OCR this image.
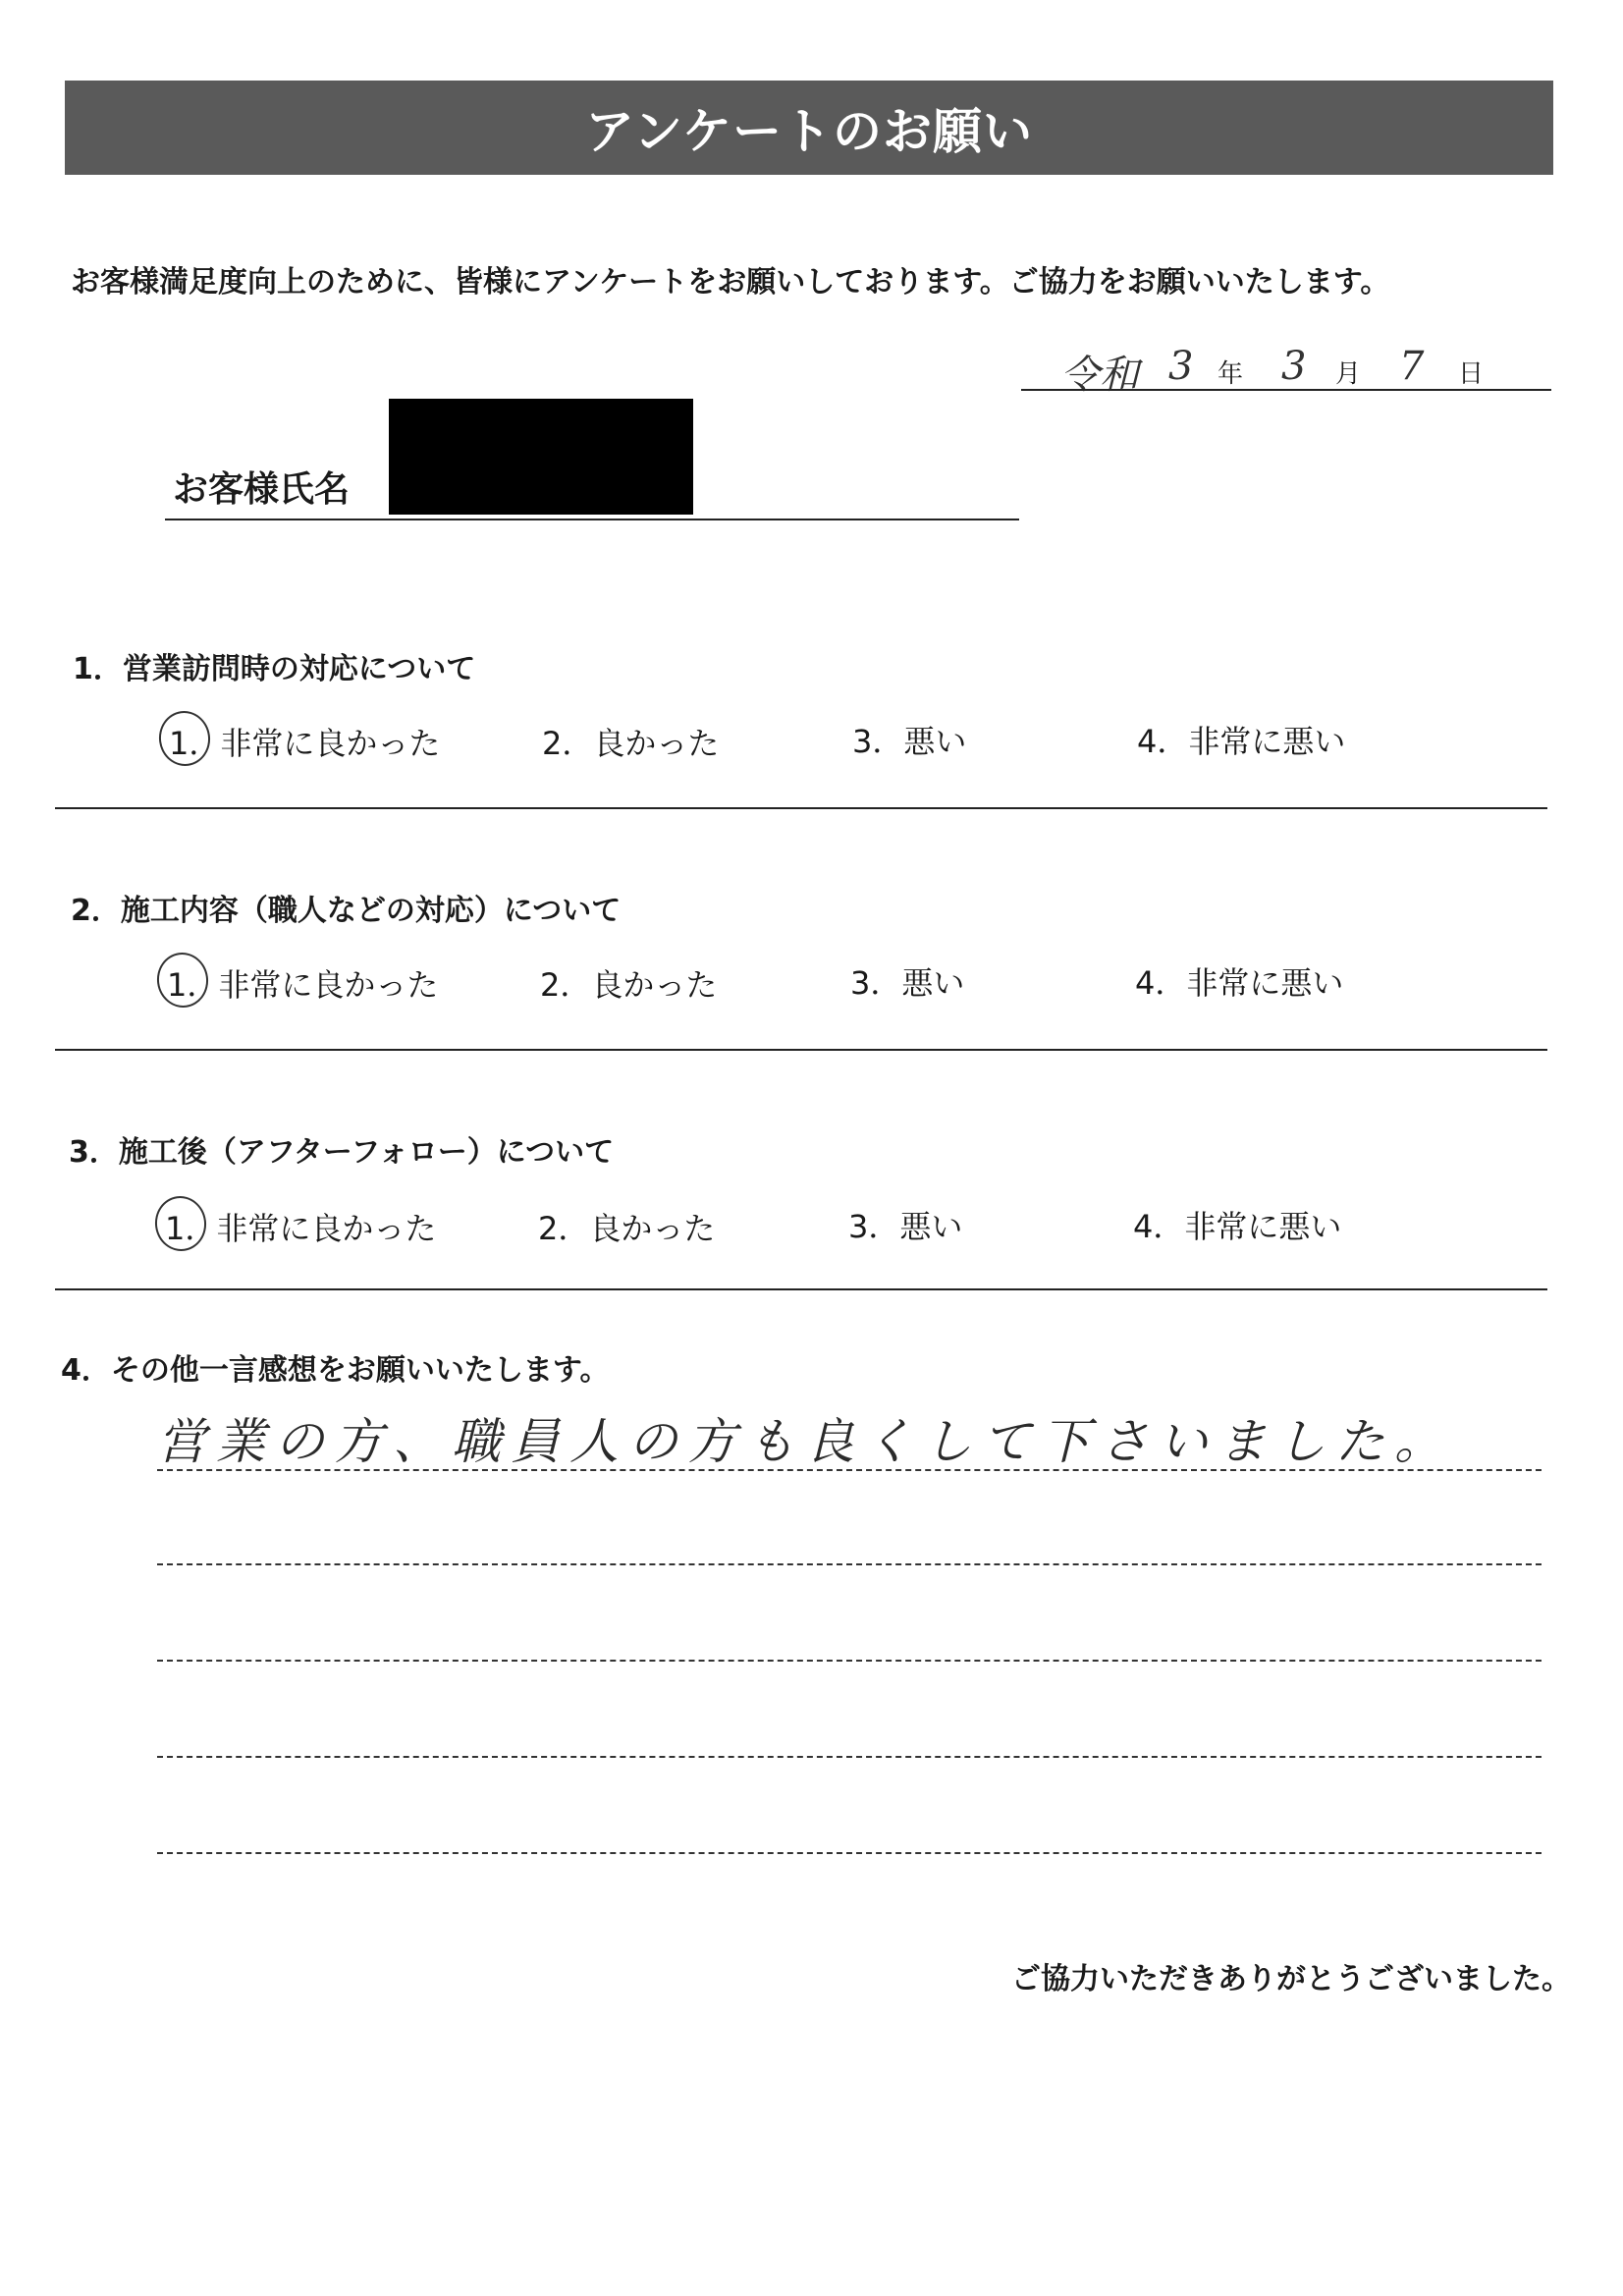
アンケートのお願い
お客様満足度向上のために、皆様にアンケートをお願いしております。ご協力をお願いいたします。
令和 3 年 3 月 7 日
お客様氏名
1．営業訪問時の対応について
1．非常に良かった	2．良かった	3．悪い	4．非常に悪い
2．施工内容（職人などの対応）について
1．非常に良かった	2．良かった	3．悪い	4．非常に悪い
3．施工後（アフターフォロー）について
1．非常に良かった	2．良かった	3．悪い	4．非常に悪い
4．その他一言感想をお願いいたします。
営業の方、職員人の方も良くして下さいました。
ご協力いただきありがとうございました。
